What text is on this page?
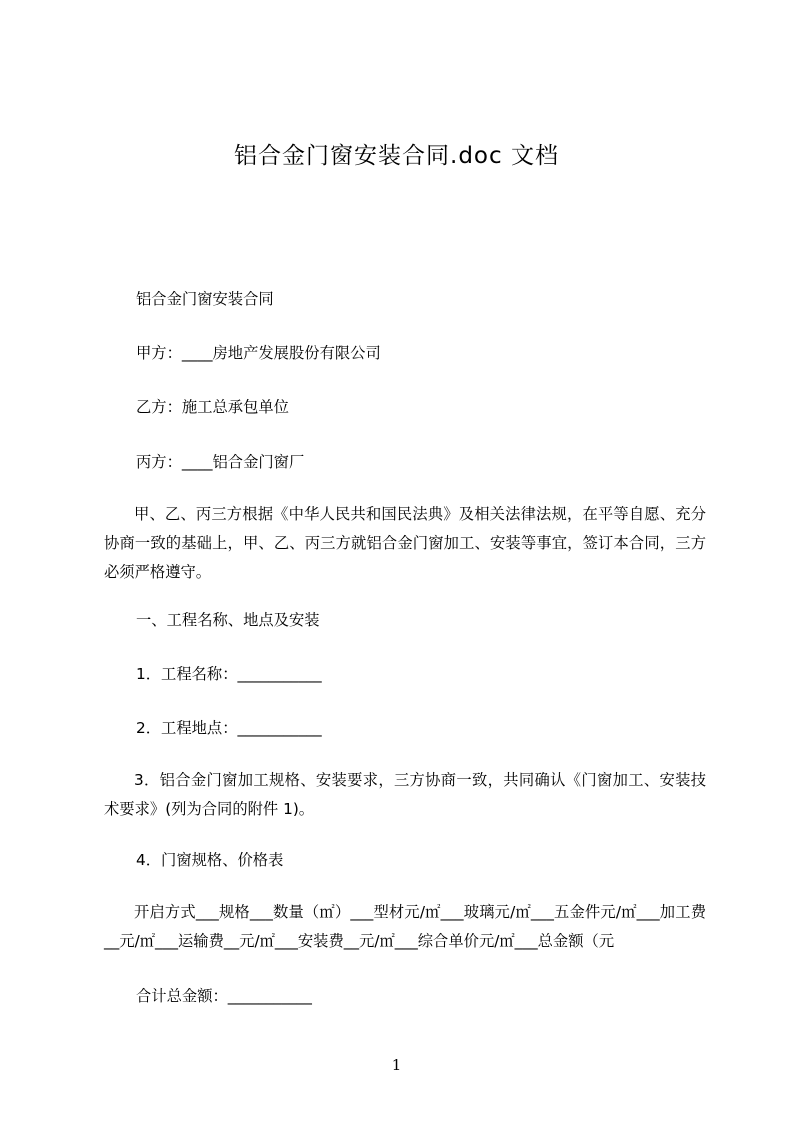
铝合金门窗安装合同.doc 文档
铝合金门窗安装合同
甲方：____房地产发展股份有限公司
乙方：施工总承包单位
丙方：____铝合金门窗厂
甲、乙、丙三方根据《中华人民共和国民法典》及相关法律法规，在平等自愿、充分协商一致的基础上，甲、乙、丙三方就铝合金门窗加工、安装等事宜，签订本合同，三方必须严格遵守。
一、工程名称、地点及安装
1．工程名称：___________
2．工程地点：___________
3．铝合金门窗加工规格、安装要求，三方协商一致，共同确认《门窗加工、安装技术要求》(列为合同的附件 1)。
4．门窗规格、价格表
开启方式___规格___数量（㎡）___型材元/㎡___玻璃元/㎡___五金件元/㎡___加工费__元/㎡___运输费__元/㎡___安装费__元/㎡___综合单价元/㎡___总金额（元
合计总金额：___________
1
